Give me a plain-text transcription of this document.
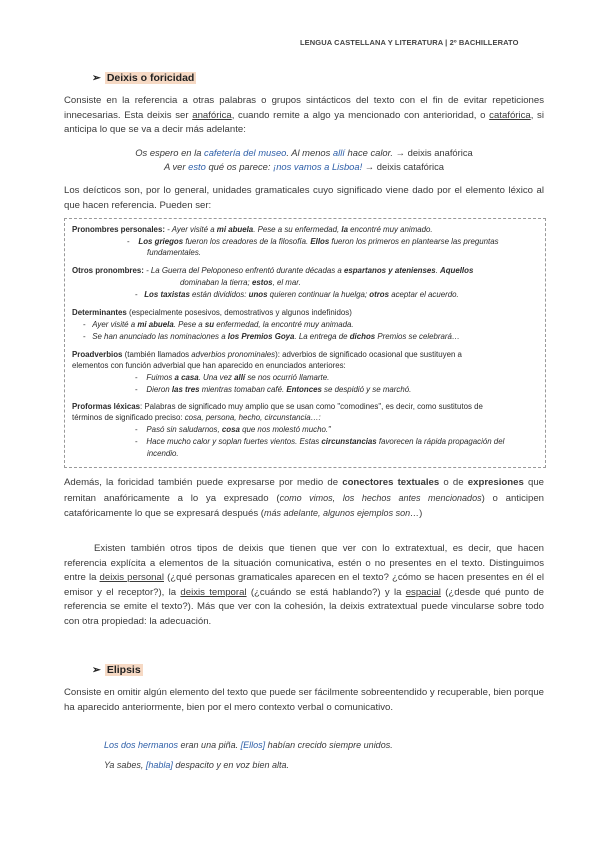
LENGUA CASTELLANA Y LITERATURA | 2º BACHILLERATO
➢ Deixis o foricidad
Consiste en la referencia a otras palabras o grupos sintácticos del texto con el fin de evitar repeticiones innecesarias. Esta deixis ser anafórica, cuando remite a algo ya mencionado con anterioridad, o catafórica, si anticipa lo que se va a decir más adelante:
Os espero en la cafetería del museo. Al menos allí hace calor. → deixis anafórica
A ver esto qué os parece: ¡nos vamos a Lisboa! → deixis catafórica
Los deícticos son, por lo general, unidades gramaticales cuyo significado viene dado por el elemento léxico al que hacen referencia. Pueden ser:
Pronombres personales: - Ayer visité a mi abuela. Pese a su enfermedad, la encontré muy animado.
- Los griegos fueron los creadores de la filosofía. Ellos fueron los primeros en plantearse las preguntas
fundamentales.
Otros pronombres: - La Guerra del Peloponeso enfrentó durante décadas a espartanos y atenienses. Aquellos
dominaban la tierra; estos, el mar.
- Los taxistas están divididos: unos quieren continuar la huelga; otros aceptar el acuerdo.
Determinantes (especialmente posesivos, demostrativos y algunos indefinidos)
- Ayer visité a mi abuela. Pese a su enfermedad, la encontré muy animada.
- Se han anunciado las nominaciones a los Premios Goya. La entrega de dichos Premios se celebrará…
Proadverbios (también llamados adverbios pronominales): adverbios de significado ocasional que sustituyen a
elementos con función adverbial que han aparecido en enunciados anteriores:
- Fuimos a casa. Una vez allí se nos ocurrió llamarte.
- Dieron las tres mientras tomaban café. Entonces se despidió y se marchó.
Proformas léxicas: Palabras de significado muy amplio que se usan como "comodines", es decir, como sustitutos de
términos de significado preciso: cosa, persona, hecho, circunstancia…:
- Pasó sin saludarnos, cosa que nos molestó mucho."
- Hace mucho calor y soplan fuertes vientos. Estas circunstancias favorecen la rápida propagación del
incendio.
Además, la foricidad también puede expresarse por medio de conectores textuales o de expresiones que remitan anafóricamente a lo ya expresado (como vimos, los hechos antes mencionados) o anticipen catafóricamente lo que se expresará después (más adelante, algunos ejemplos son…)
Existen también otros tipos de deixis que tienen que ver con lo extratextual, es decir, que hacen referencia explícita a elementos de la situación comunicativa, estén o no presentes en el texto. Distinguimos entre la deixis personal (¿qué personas gramaticales aparecen en el texto? ¿cómo se hacen presentes en él el emisor y el receptor?), la deixis temporal (¿cuándo se está hablando?) y la espacial (¿desde qué punto de referencia se emite el texto?). Más que ver con la cohesión, la deixis extratextual puede vincularse sobre todo con otra propiedad: la adecuación.
➢ Elipsis
Consiste en omitir algún elemento del texto que puede ser fácilmente sobreentendido y recuperable, bien porque ha aparecido anteriormente, bien por el mero contexto verbal o comunicativo.
Los dos hermanos eran una piña. [Ellos] habían crecido siempre unidos.
Ya sabes, [habla] despacito y en voz bien alta.
